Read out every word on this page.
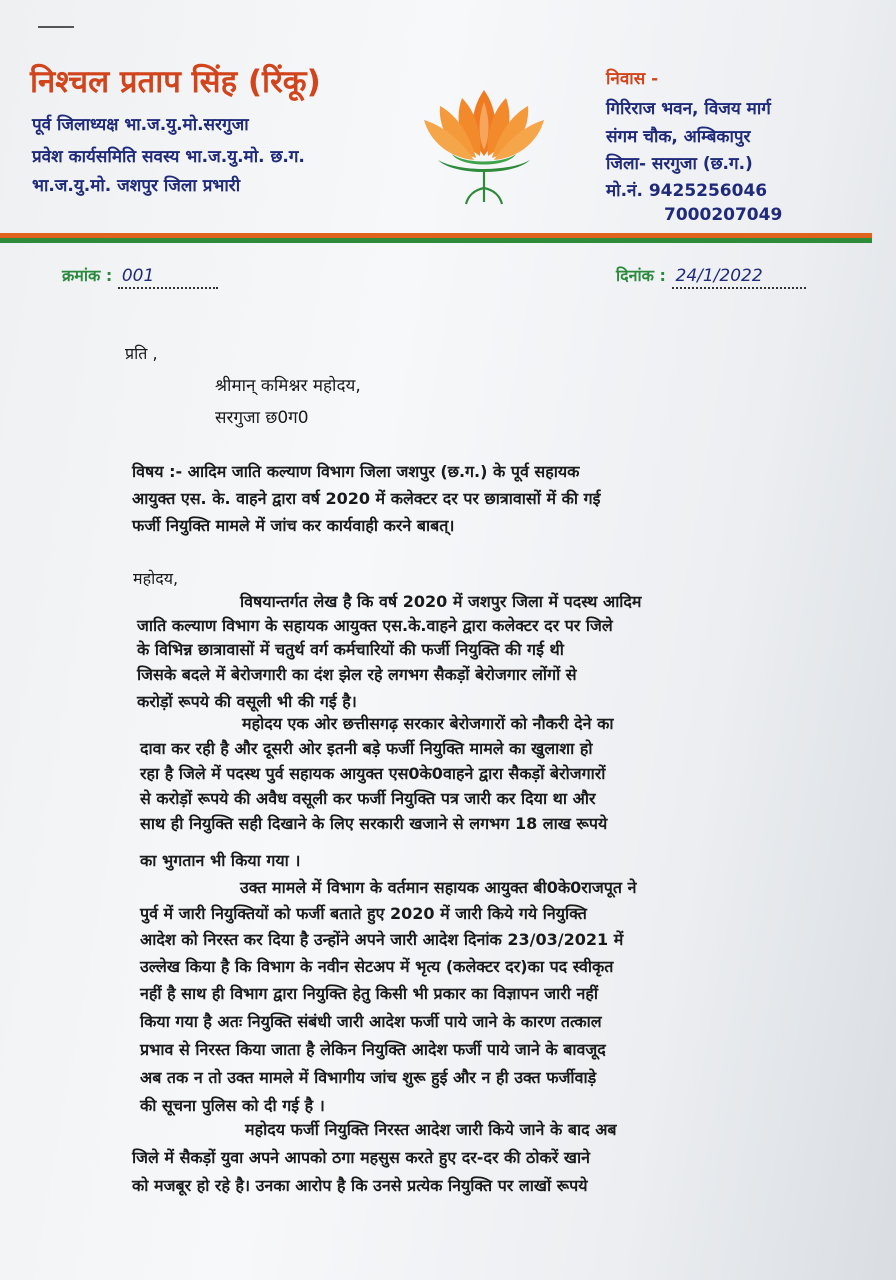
निश्चल प्रताप सिंह (रिंकू)
पूर्व जिलाध्यक्ष भा.ज.यु.मो.सरगुजा
प्रवेश कार्यसमिति सवस्य भा.ज.यु.मो. छ.ग.
भा.ज.यु.मो. जशपुर जिला प्रभारी
निवास -
गिरिराज भवन, विजय मार्ग
संगम चौक, अम्बिकापुर
जिला- सरगुजा (छ.ग.)
मो.नं. 9425256046
7000207049
क्रमांक : 001	दिनांक : 24/1/2022
प्रति ,
श्रीमान् कमिश्नर महोदय,
सरगुजा छ0ग0
विषय :- आदिम जाति कल्याण विभाग जिला जशपुर (छ.ग.) के पूर्व सहायक
आयुक्त एस. के. वाहने द्वारा वर्ष 2020 में कलेक्टर दर पर छात्रावासों में की गई
फर्जी नियुक्ति मामले में जांच कर कार्यवाही करने बाबत्।
महोदय,
विषयान्तर्गत लेख है कि वर्ष 2020 में जशपुर जिला में पदस्थ आदिम
जाति कल्याण विभाग के सहायक आयुक्त एस.के.वाहने द्वारा कलेक्टर दर पर जिले
के विभिन्न छात्रावासों में चतुर्थ वर्ग कर्मचारियों की फर्जी नियुक्ति की गई थी
जिसके बदले में बेरोजगारी का दंश झेल रहे लगभग सैकड़ों बेरोजगार लोंगों से
करोड़ों रूपये की वसूली भी की गई है।
महोदय एक ओर छत्तीसगढ़ सरकार बेरोजगारों को नौकरी देने का
दावा कर रही है और दूसरी ओर इतनी बड़े फर्जी नियुक्ति मामले का खुलाशा हो
रहा है जिले में पदस्थ पुर्व सहायक आयुक्त एस0के0वाहने द्वारा सैकड़ों बेरोजगारों
से करोड़ों रूपये की अवैध वसूली कर फर्जी नियुक्ति पत्र जारी कर दिया था और
साथ ही नियुक्ति सही दिखाने के लिए सरकारी खजाने से लगभग 18 लाख रूपये
का भुगतान भी किया गया ।
उक्त मामले में विभाग के वर्तमान सहायक आयुक्त बी0के0राजपूत ने
पुर्व में जारी नियुक्तियों को फर्जी बताते हुए 2020 में जारी किये गये नियुक्ति
आदेश को निरस्त कर दिया है उन्होंने अपने जारी आदेश दिनांक 23/03/2021 में
उल्लेख किया है कि विभाग के नवीन सेटअप में भृत्य (कलेक्टर दर)का पद स्वीकृत
नहीं है साथ ही विभाग द्वारा नियुक्ति हेतु किसी भी प्रकार का विज्ञापन जारी नहीं
किया गया है अतः नियुक्ति संबंधी जारी आदेश फर्जी पाये जाने के कारण तत्काल
प्रभाव से निरस्त किया जाता है लेकिन नियुक्ति आदेश फर्जी पाये जाने के बावजूद
अब तक न तो उक्त मामले में विभागीय जांच शुरू हुई और न ही उक्त फर्जीवाड़े
की सूचना पुलिस को दी गई है ।
महोदय फर्जी नियुक्ति निरस्त आदेश जारी किये जाने के बाद अब
जिले में सैकड़ों युवा अपने आपको ठगा महसुस करते हुए दर-दर की ठोकरें खाने
को मजबूर हो रहे है। उनका आरोप है कि उनसे प्रत्येक नियुक्ति पर लाखों रूपये
